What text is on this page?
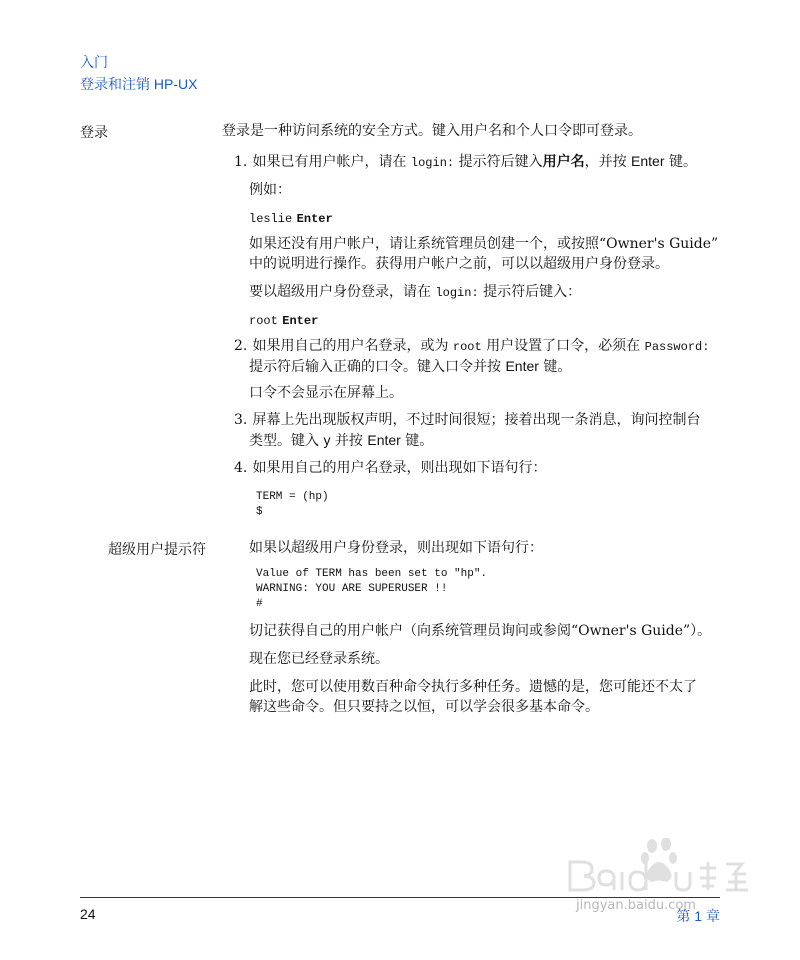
入门
登录和注销 HP-UX
登录
超级用户提示符
登录是一种访问系统的安全方式。键入用户名和个人口令即可登录。
1. 如果已有用户帐户，请在 login: 提示符后键入用户名，并按 Enter 键。
例如：
leslie Enter
如果还没有用户帐户，请让系统管理员创建一个，或按照“Owner's Guide”
中的说明进行操作。获得用户帐户之前，可以以超级用户身份登录。
要以超级用户身份登录，请在 login: 提示符后键入：
root Enter
2. 如果用自己的用户名登录，或为 root 用户设置了口令，必须在 Password:
提示符后输入正确的口令。键入口令并按 Enter 键。
口令不会显示在屏幕上。
3. 屏幕上先出现版权声明，不过时间很短；接着出现一条消息，询问控制台
类型。键入 y 并按 Enter 键。
4. 如果用自己的用户名登录，则出现如下语句行：
TERM = (hp)
$
如果以超级用户身份登录，则出现如下语句行：
Value of TERM has been set to "hp".
WARNING: YOU ARE SUPERUSER !!
#
切记获得自己的用户帐户（向系统管理员询问或参阅“Owner's Guide”）。
现在您已经登录系统。
此时，您可以使用数百种命令执行多种任务。遗憾的是，您可能还不太了
解这些命令。但只要持之以恒，可以学会很多基本命令。
jingyan.baidu.com
24	第 1 章
